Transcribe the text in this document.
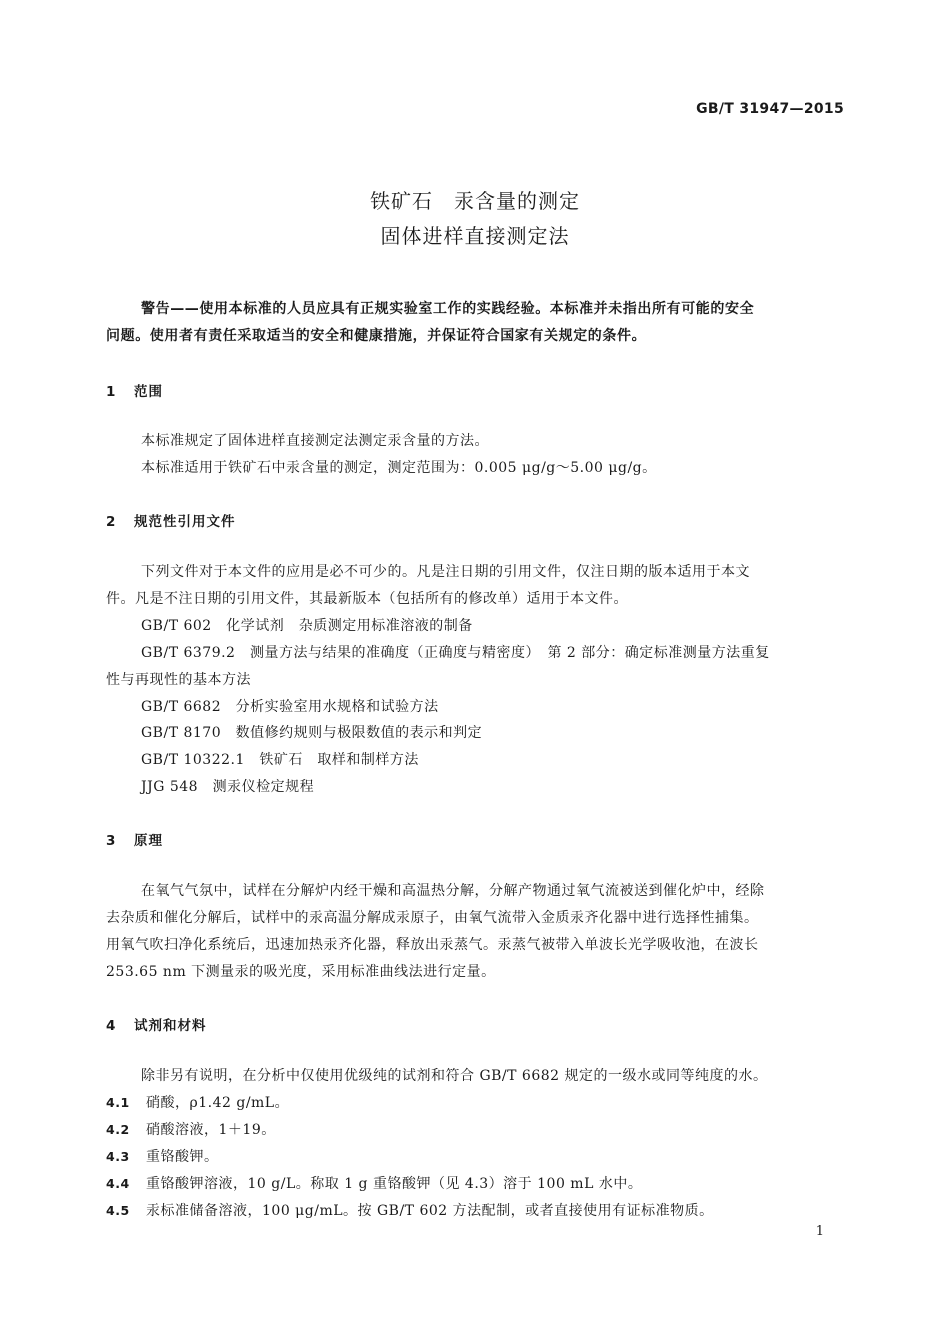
GB/T 31947—2015
铁矿石　汞含量的测定
固体进样直接测定法
警告——使用本标准的人员应具有正规实验室工作的实践经验。本标准并未指出所有可能的安全
问题。使用者有责任采取适当的安全和健康措施，并保证符合国家有关规定的条件。
1 范围
本标准规定了固体进样直接测定法测定汞含量的方法。
本标准适用于铁矿石中汞含量的测定，测定范围为：0.005 μg/g～5.00 μg/g。
2 规范性引用文件
下列文件对于本文件的应用是必不可少的。凡是注日期的引用文件，仅注日期的版本适用于本文
件。凡是不注日期的引用文件，其最新版本（包括所有的修改单）适用于本文件。
GB/T 602　化学试剂　杂质测定用标准溶液的制备
GB/T 6379.2　测量方法与结果的准确度（正确度与精密度）　第 2 部分：确定标准测量方法重复
性与再现性的基本方法
GB/T 6682　分析实验室用水规格和试验方法
GB/T 8170　数值修约规则与极限数值的表示和判定
GB/T 10322.1　铁矿石　取样和制样方法
JJG 548　测汞仪检定规程
3 原理
在氧气气氛中，试样在分解炉内经干燥和高温热分解，分解产物通过氧气流被送到催化炉中，经除
去杂质和催化分解后，试样中的汞高温分解成汞原子，由氧气流带入金质汞齐化器中进行选择性捕集。
用氧气吹扫净化系统后，迅速加热汞齐化器，释放出汞蒸气。汞蒸气被带入单波长光学吸收池，在波长
253.65 nm 下测量汞的吸光度，采用标准曲线法进行定量。
4 试剂和材料
除非另有说明，在分析中仅使用优级纯的试剂和符合 GB/T 6682 规定的一级水或同等纯度的水。
4.1 硝酸，ρ1.42 g/mL。
4.2 硝酸溶液，1＋19。
4.3 重铬酸钾。
4.4 重铬酸钾溶液，10 g/L。称取 1 g 重铬酸钾（见 4.3）溶于 100 mL 水中。
4.5 汞标准储备溶液，100 μg/mL。按 GB/T 602 方法配制，或者直接使用有证标准物质。
1
